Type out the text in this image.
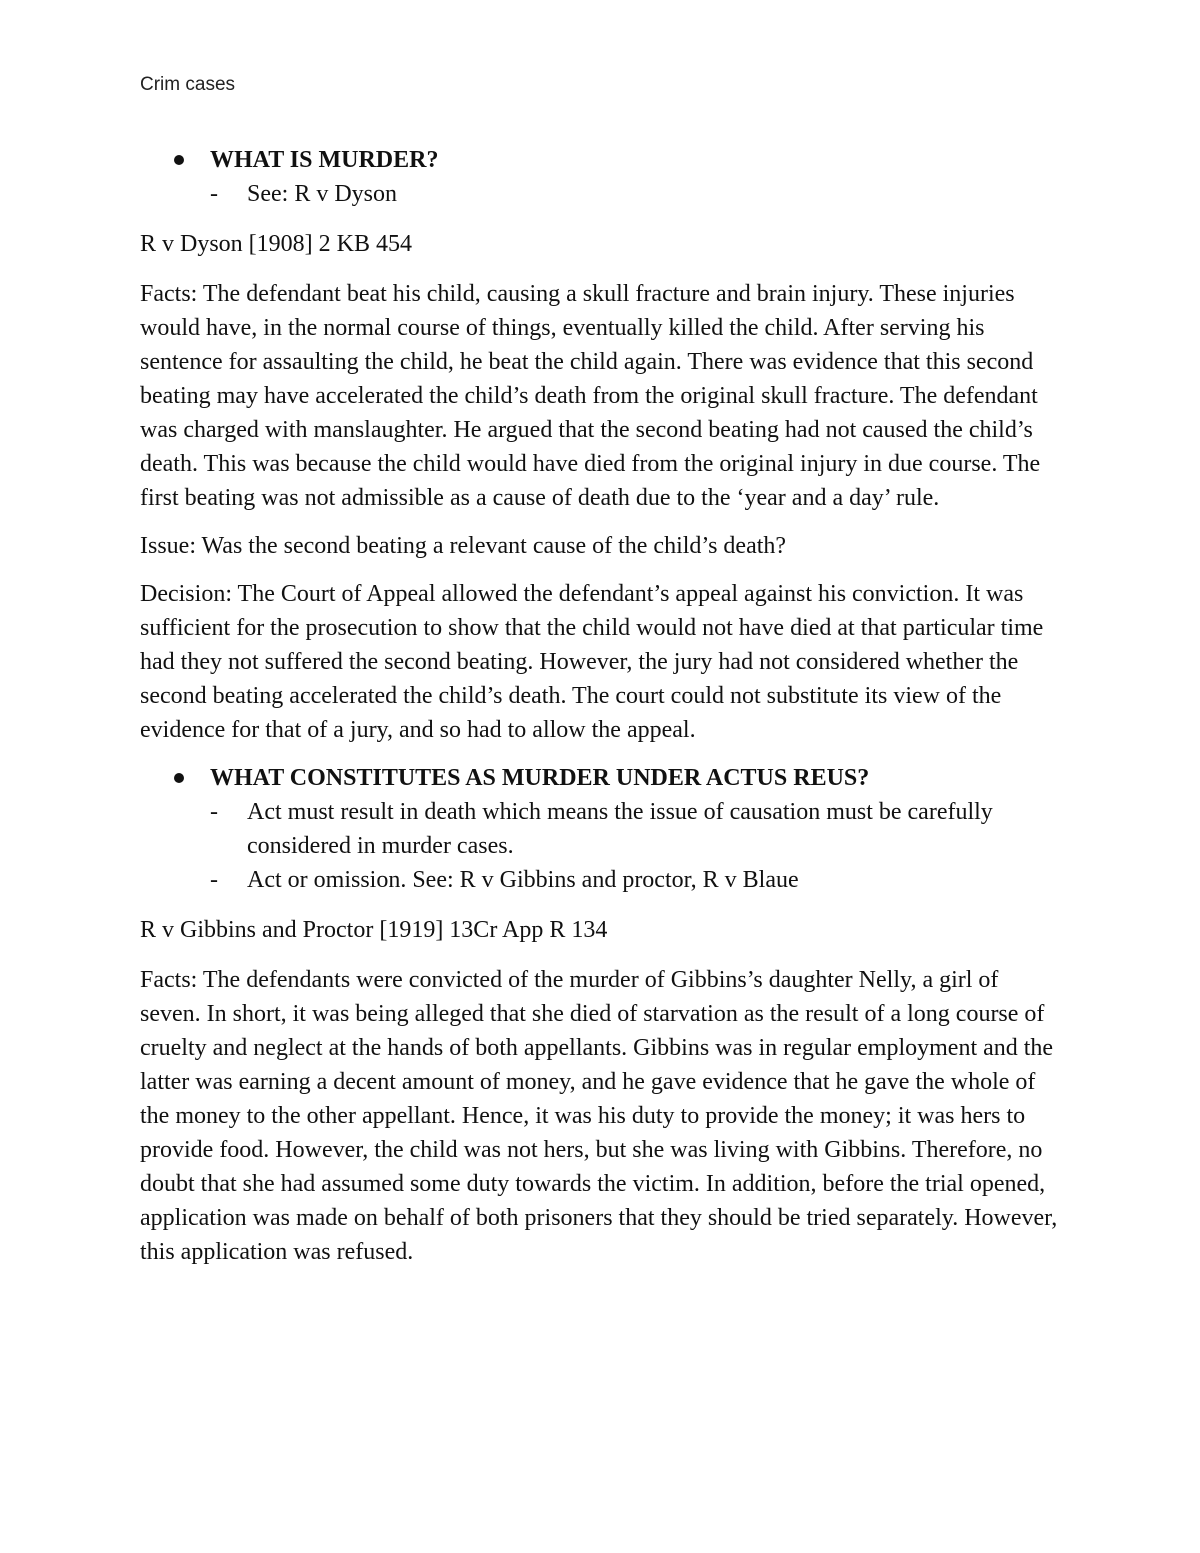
Crim cases

WHAT IS MURDER?

- See: R v Dyson

R v Dyson [1908] 2 KB 454

Facts: The defendant beat his child, causing a skull fracture and brain injury. These injuries would have, in the normal course of things, eventually killed the child. After serving his sentence for assaulting the child, he beat the child again. There was evidence that this second beating may have accelerated the child’s death from the original skull fracture. The defendant was charged with manslaughter. He argued that the second beating had not caused the child’s death. This was because the child would have died from the original injury in due course. The first beating was not admissible as a cause of death due to the ‘year and a day’ rule.

Issue: Was the second beating a relevant cause of the child’s death?

Decision: The Court of Appeal allowed the defendant’s appeal against his conviction. It was sufficient for the prosecution to show that the child would not have died at that particular time had they not suffered the second beating. However, the jury had not considered whether the second beating accelerated the child’s death. The court could not substitute its view of the evidence for that of a jury, and so had to allow the appeal.

WHAT CONSTITUTES AS MURDER UNDER ACTUS REUS?

- Act must result in death which means the issue of causation must be carefully considered in murder cases.

- Act or omission. See: R v Gibbins and proctor, R v Blaue

R v Gibbins and Proctor [1919] 13Cr App R 134

Facts: The defendants were convicted of the murder of Gibbins’s daughter Nelly, a girl of seven. In short, it was being alleged that she died of starvation as the result of a long course of cruelty and neglect at the hands of both appellants. Gibbins was in regular employment and the latter was earning a decent amount of money, and he gave evidence that he gave the whole of the money to the other appellant. Hence, it was his duty to provide the money; it was hers to provide food. However, the child was not hers, but she was living with Gibbins. Therefore, no doubt that she had assumed some duty towards the victim. In addition, before the trial opened, application was made on behalf of both prisoners that they should be tried separately. However, this application was refused.
